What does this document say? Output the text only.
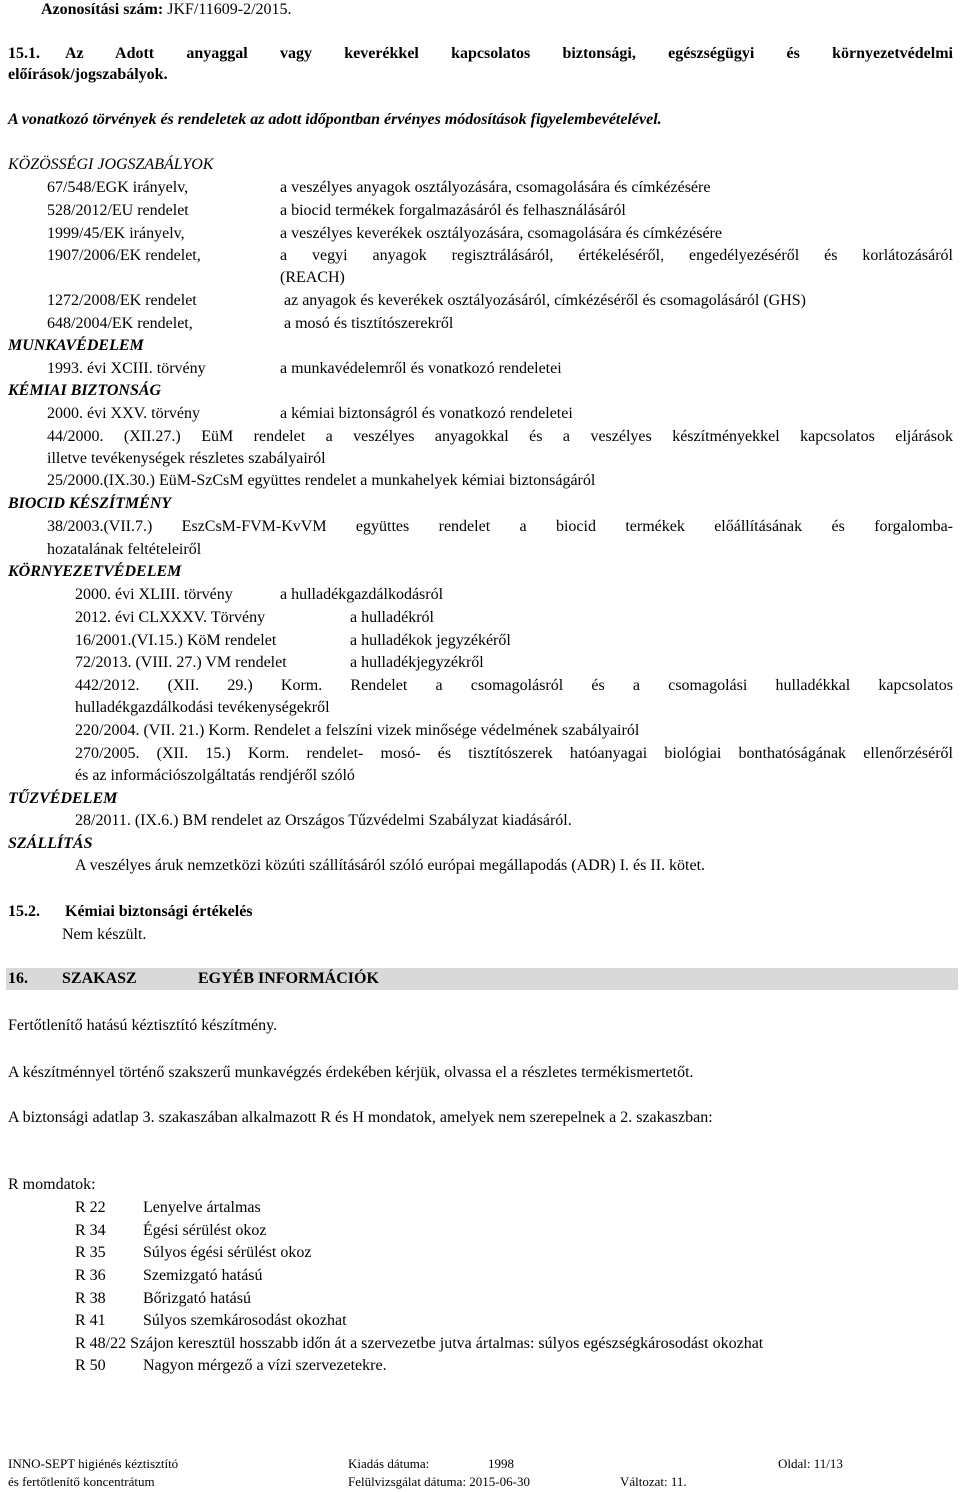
Azonosítási szám: JKF/11609-2/2015.
15.1. Az Adott anyaggal vagy keverékkel kapcsolatos biztonsági, egészségügyi és környezetvédelmi
előírások/jogszabályok.
A vonatkozó törvények és rendeletek az adott időpontban érvényes módosítások figyelembevételével.
KÖZÖSSÉGI JOGSZABÁLYOK
67/548/EGK irányelv,	a veszélyes anyagok osztályozására, csomagolására és címkézésére
528/2012/EU rendelet	a biocid termékek forgalmazásáról és felhasználásáról
1999/45/EK irányelv,	a veszélyes keverékek osztályozására, csomagolására és címkézésére
1907/2006/EK rendelet,	a vegyi anyagok regisztrálásáról, értékeléséről, engedélyezéséről és korlátozásáról
(REACH)
1272/2008/EK rendelet	az anyagok és keverékek osztályozásáról, címkézéséről és csomagolásáról (GHS)
648/2004/EK rendelet,	a mosó és tisztítószerekről
MUNKAVÉDELEM
1993. évi XCIII. törvény	a munkavédelemről és vonatkozó rendeletei
KÉMIAI BIZTONSÁG
2000. évi XXV. törvény	a kémiai biztonságról és vonatkozó rendeletei
44/2000. (XII.27.) EüM rendelet a veszélyes anyagokkal és a veszélyes készítményekkel kapcsolatos eljárások
illetve tevékenységek részletes szabályairól
25/2000.(IX.30.) EüM-SzCsM együttes rendelet a munkahelyek kémiai biztonságáról
BIOCID KÉSZÍTMÉNY
38/2003.(VII.7.) EszCsM-FVM-KvVM együttes rendelet a biocid termékek előállításának és forgalomba-
hozatalának feltételeiről
KÖRNYEZETVÉDELEM
2000. évi XLIII. törvény	a hulladékgazdálkodásról
2012. évi CLXXXV. Törvény	a hulladékról
16/2001.(VI.15.) KöM rendelet	a hulladékok jegyzékéről
72/2013. (VIII. 27.) VM rendelet	a hulladékjegyzékről
442/2012. (XII. 29.) Korm. Rendelet a csomagolásról és a csomagolási hulladékkal kapcsolatos
hulladékgazdálkodási tevékenységekről
220/2004. (VII. 21.) Korm. Rendelet a felszíni vizek minősége védelmének szabályairól
270/2005. (XII. 15.) Korm. rendelet- mosó- és tisztítószerek hatóanyagai biológiai bonthatóságának ellenőrzéséről
és az információszolgáltatás rendjéről szóló
TŰZVÉDELEM
28/2011. (IX.6.) BM rendelet az Országos Tűzvédelmi Szabályzat kiadásáról.
SZÁLLÍTÁS
A veszélyes áruk nemzetközi közúti szállításáról szóló európai megállapodás (ADR) I. és II. kötet.
15.2. Kémiai biztonsági értékelés
Nem készült.
16. SZAKASZ	EGYÉB INFORMÁCIÓK
Fertőtlenítő hatású kéztisztító készítmény.
A készítménnyel történő szakszerű munkavégzés érdekében kérjük, olvassa el a részletes termékismertetőt.
A biztonsági adatlap 3. szakaszában alkalmazott R és H mondatok, amelyek nem szerepelnek a 2. szakaszban:
R momdatok:
R 22 Lenyelve ártalmas
R 34 Égési sérülést okoz
R 35 Súlyos égési sérülést okoz
R 36 Szemizgató hatású
R 38 Bőrizgató hatású
R 41 Súlyos szemkárosodást okozhat
R 48/22 Szájon keresztül hosszabb időn át a szervezetbe jutva ártalmas: súlyos egészségkárosodást okozhat
R 50 Nagyon mérgező a vízi szervezetekre.
INNO-SEPT higiénés kéztisztító
és fertőtlenítő koncentrátum
Kiadás dátuma:	1998
Felülvizsgálat dátuma: 2015-06-30
Oldal: 11/13
Változat: 11.
